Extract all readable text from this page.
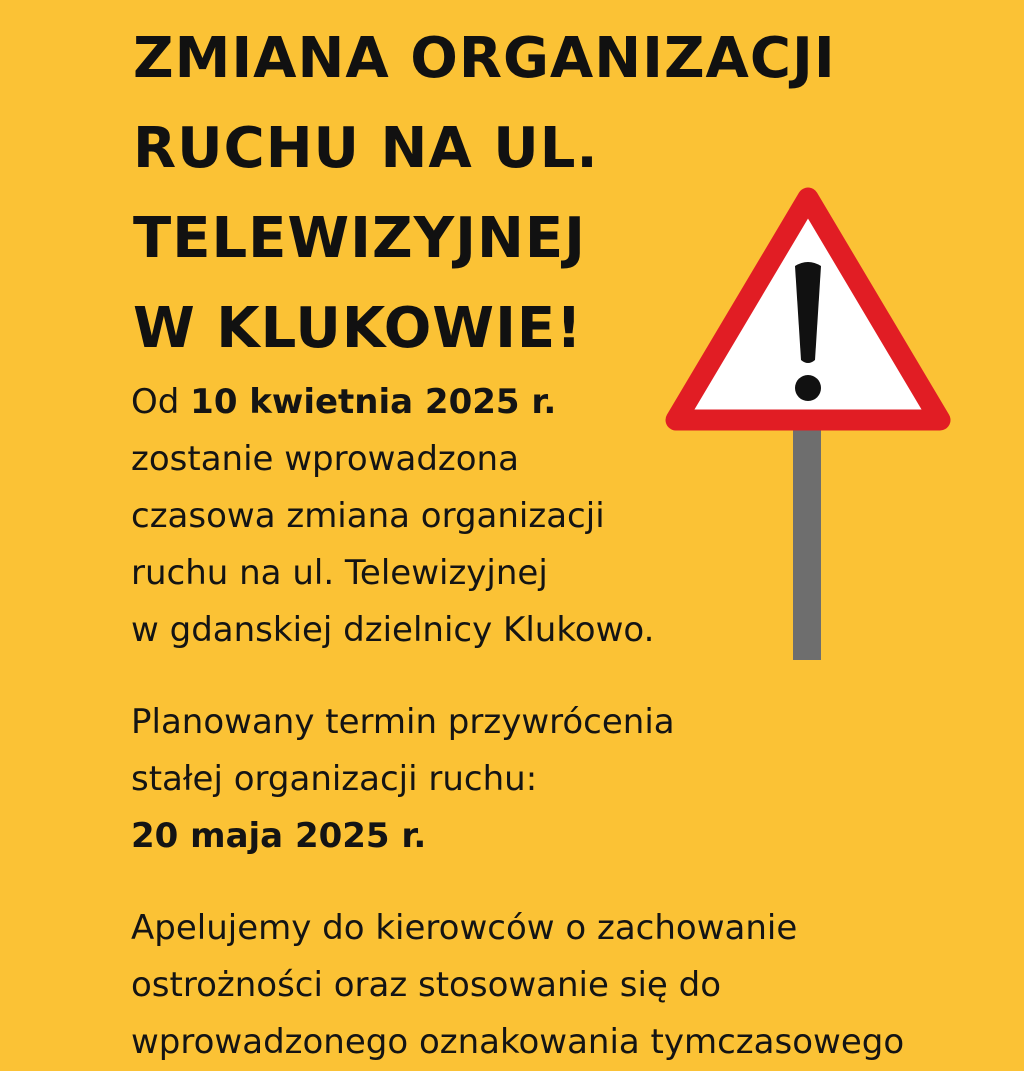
ZMIANA ORGANIZACJI
RUCHU NA UL.
TELEWIZYJNEJ
W KLUKOWIE!

Od 10 kwietnia 2025 r.
zostanie wprowadzona
czasowa zmiana organizacji
ruchu na ul. Telewizyjnej
w gdanskiej dzielnicy Klukowo.

Planowany termin przywrócenia
stałej organizacji ruchu:
20 maja 2025 r.

Apelujemy do kierowców o zachowanie
ostrożności oraz stosowanie się do
wprowadzonego oznakowania tymczasowego
